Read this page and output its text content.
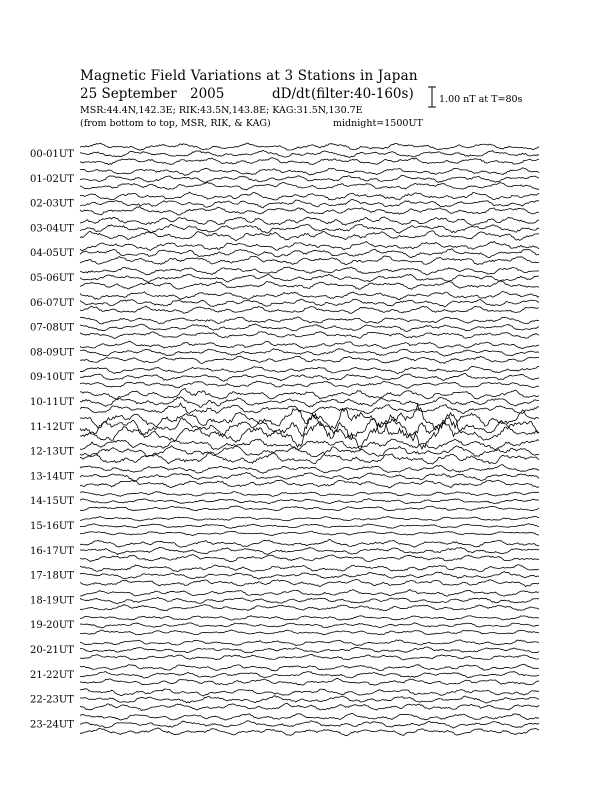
Magnetic Field Variations at 3 Stations in Japan
25 September 2005	dD/dt (filter:40-160s)
MSR:44.4N,142.3E; RIK:43.5N,143.8E; KAG:31.5N,130.7E
(from bottom to top, MSR, RIK, & KAG)	midnight=1500UT
1.00 nT at T=80s
00-01UT
01-02UT
02-03UT
03-04UT
04-05UT
05-06UT
06-07UT
07-08UT
08-09UT
09-10UT
10-11UT
11-12UT
12-13UT
13-14UT
14-15UT
15-16UT
16-17UT
17-18UT
18-19UT
19-20UT
20-21UT
21-22UT
22-23UT
23-24UT
